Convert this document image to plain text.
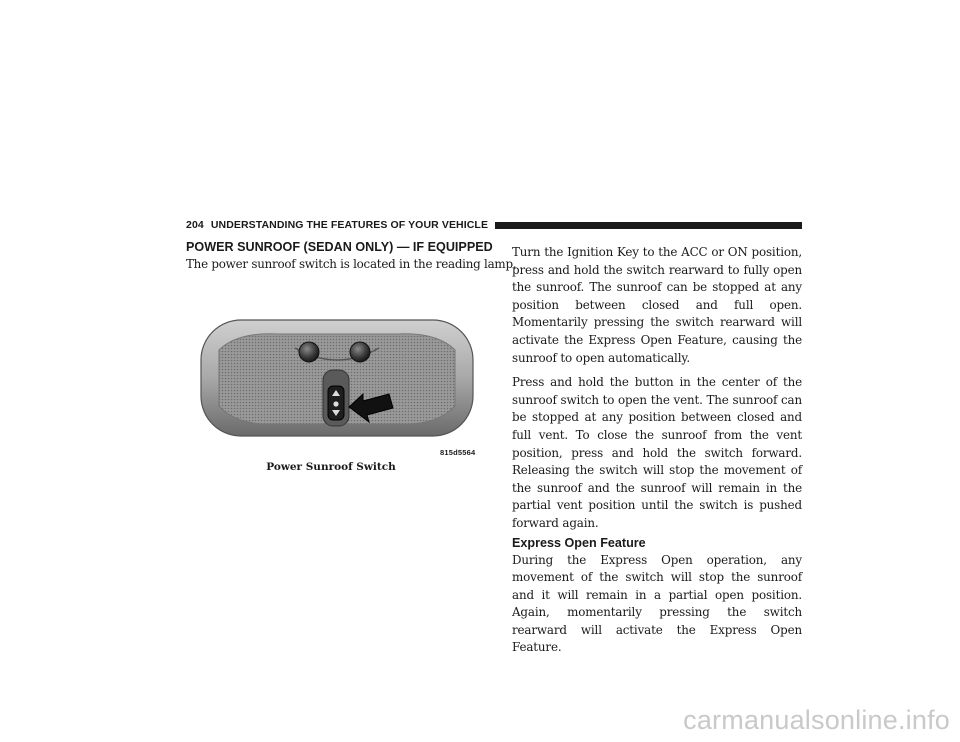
204 UNDERSTANDING THE FEATURES OF YOUR VEHICLE
POWER SUNROOF (SEDAN ONLY) — IF EQUIPPED

The power sunroof switch is located in the reading lamp.

815d5564
Power Sunroof Switch

Turn the Ignition Key to the ACC or ON position, press and hold the switch rearward to fully open the sunroof. The sunroof can be stopped at any position between closed and full open. Momentarily pressing the switch rearward will activate the Express Open Feature, causing the sunroof to open automatically.

Press and hold the button in the center of the sunroof switch to open the vent. The sunroof can be stopped at any position between closed and full vent. To close the sunroof from the vent position, press and hold the switch forward. Releasing the switch will stop the movement of the sunroof and the sunroof will remain in the partial vent position until the switch is pushed forward again.

Express Open Feature

During the Express Open operation, any movement of the switch will stop the sunroof and it will remain in a partial open position. Again, momentarily pressing the switch rearward will activate the Express Open Feature.

carmanualsonline.info
